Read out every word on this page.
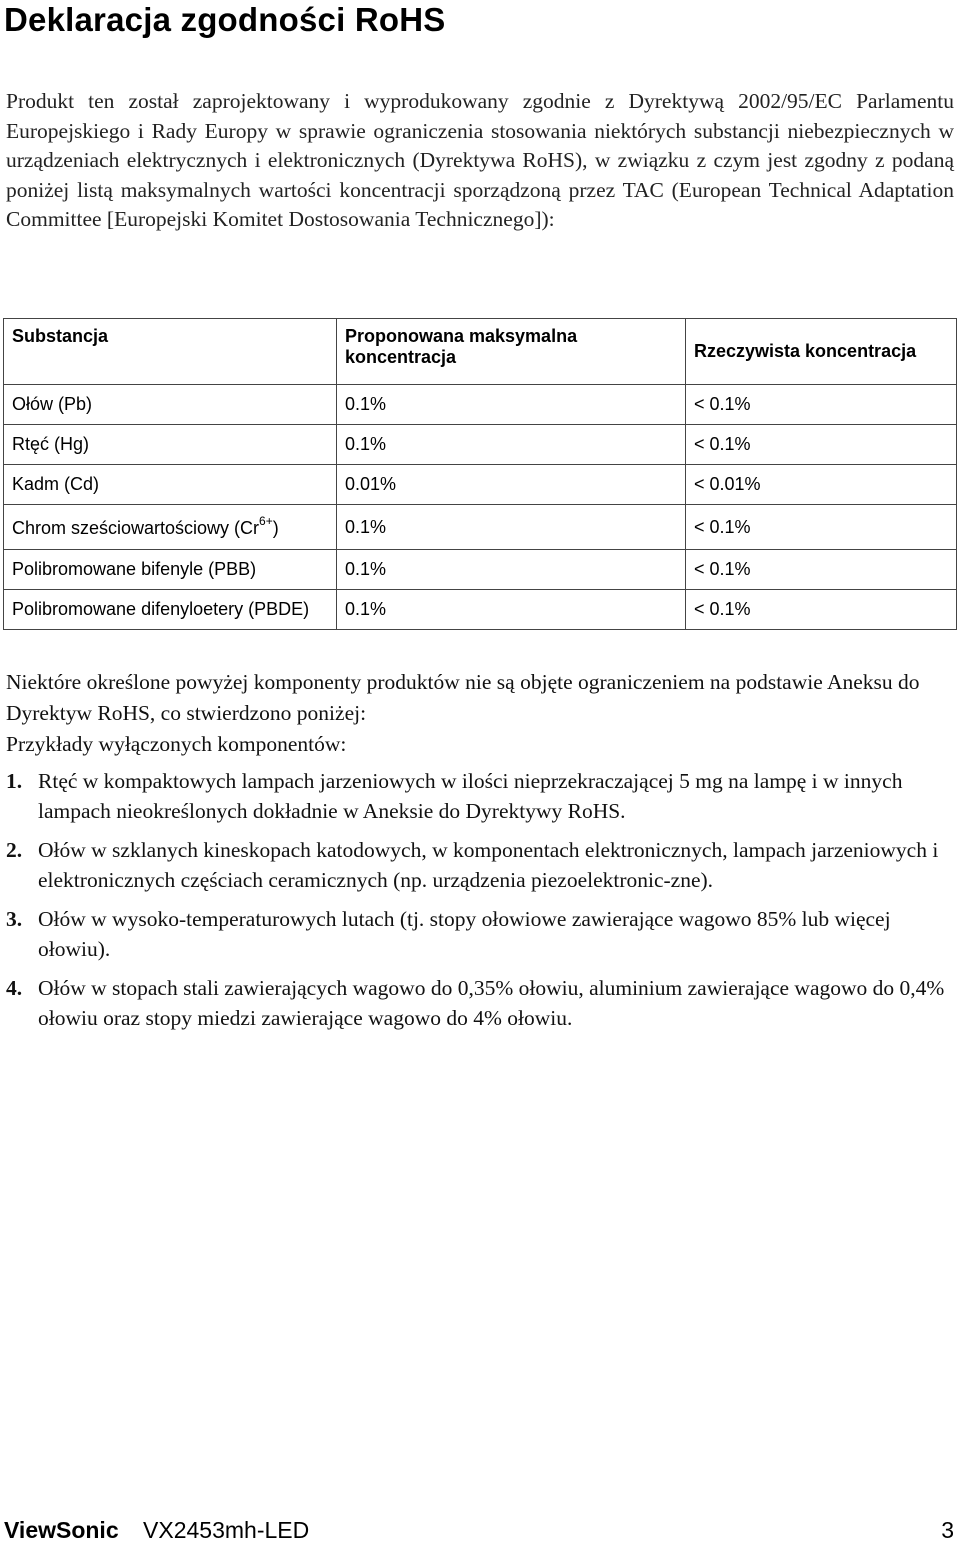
Deklaracja zgodności RoHS

Produkt ten został zaprojektowany i wyprodukowany zgodnie z Dyrektywą 2002/95/EC Parlamentu Europejskiego i Rady Europy w sprawie ograniczenia stosowania niektórych substancji niebezpiecznych w urządzeniach elektrycznych i elektronicznych (Dyrektywa RoHS), w związku z czym jest zgodny z podaną poniżej listą maksymalnych wartości koncentracji sporządzoną przez TAC (European Technical Adaptation Committee [Europejski Komitet Dostosowania Technicznego]):

Substancja	Proponowana maksymalna koncentracja	Rzeczywista koncentracja
Ołów (Pb)	0.1%	< 0.1%
Rtęć (Hg)	0.1%	< 0.1%
Kadm (Cd)	0.01%	< 0.01%
Chrom sześciowartościowy $(Cr^{6+})$	0.1%	< 0.1%
Polibromowane bifenyle (PBB)	0.1%	< 0.1%
Polibromowane difenyloetery (PBDE)	0.1%	< 0.1%

Niektóre określone powyżej komponenty produktów nie są objęte ograniczeniem na podstawie Aneksu do Dyrektyw RoHS, co stwierdzono poniżej:

Przykłady wyłączonych komponentów:

1. Rtęć w kompaktowych lampach jarzeniowych w ilości nieprzekraczającej 5 mg na lampę i w innych lampach nieokreślonych dokładnie w Aneksie do Dyrektywy RoHS.
2. Ołów w szklanych kineskopach katodowych, w komponentach elektronicznych, lampach jarzeniowych i elektronicznych częściach ceramicznych (np. urządzenia piezoelektronic-zne).
3. Ołów w wysoko-temperaturowych lutach (tj. stopy ołowiowe zawierające wagowo 85% lub więcej ołowiu).
4. Ołów w stopach stali zawierających wagowo do 0,35% ołowiu, aluminium zawierające wagowo do 0,4% ołowiu oraz stopy miedzi zawierające wagowo do 4% ołowiu.
ViewSonic VX2453mh-LED	3
